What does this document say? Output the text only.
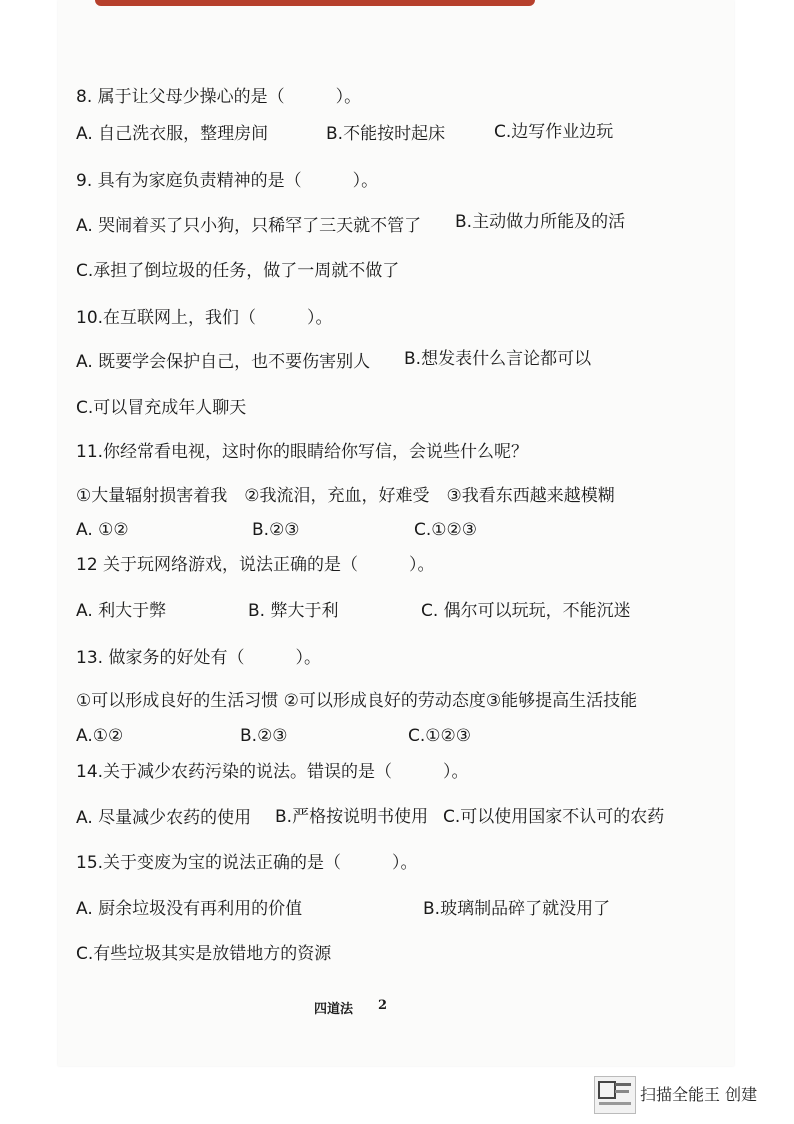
8. 属于让父母少操心的是（　　　）。
A. 自己洗衣服，整理房间	B.不能按时起床	C.边写作业边玩
9. 具有为家庭负责精神的是（　　　）。
A. 哭闹着买了只小狗，只稀罕了三天就不管了 B.主动做力所能及的活
C.承担了倒垃圾的任务，做了一周就不做了
10.在互联网上，我们（　　　）。
A. 既要学会保护自己，也不要伤害别人 B.想发表什么言论都可以
C.可以冒充成年人聊天
11.你经常看电视，这时你的眼睛给你写信，会说些什么呢？
①大量辐射损害着我　②我流泪，充血，好难受　③我看东西越来越模糊
A. ①②	B.②③	C.①②③
12 关于玩网络游戏，说法正确的是（　　　）。
A. 利大于弊	B. 弊大于利	C. 偶尔可以玩玩，不能沉迷
13. 做家务的好处有（　　　）。
①可以形成良好的生活习惯 ②可以形成良好的劳动态度③能够提高生活技能
A.①②	B.②③	C.①②③
14.关于减少农药污染的说法。错误的是（　　　）。
A. 尽量减少农药的使用 B.严格按说明书使用 C.可以使用国家不认可的农药
15.关于变废为宝的说法正确的是（　　　）。
A. 厨余垃圾没有再利用的价值	B.玻璃制品碎了就没用了
C.有些垃圾其实是放错地方的资源
四道法 2
扫描全能王 创建
